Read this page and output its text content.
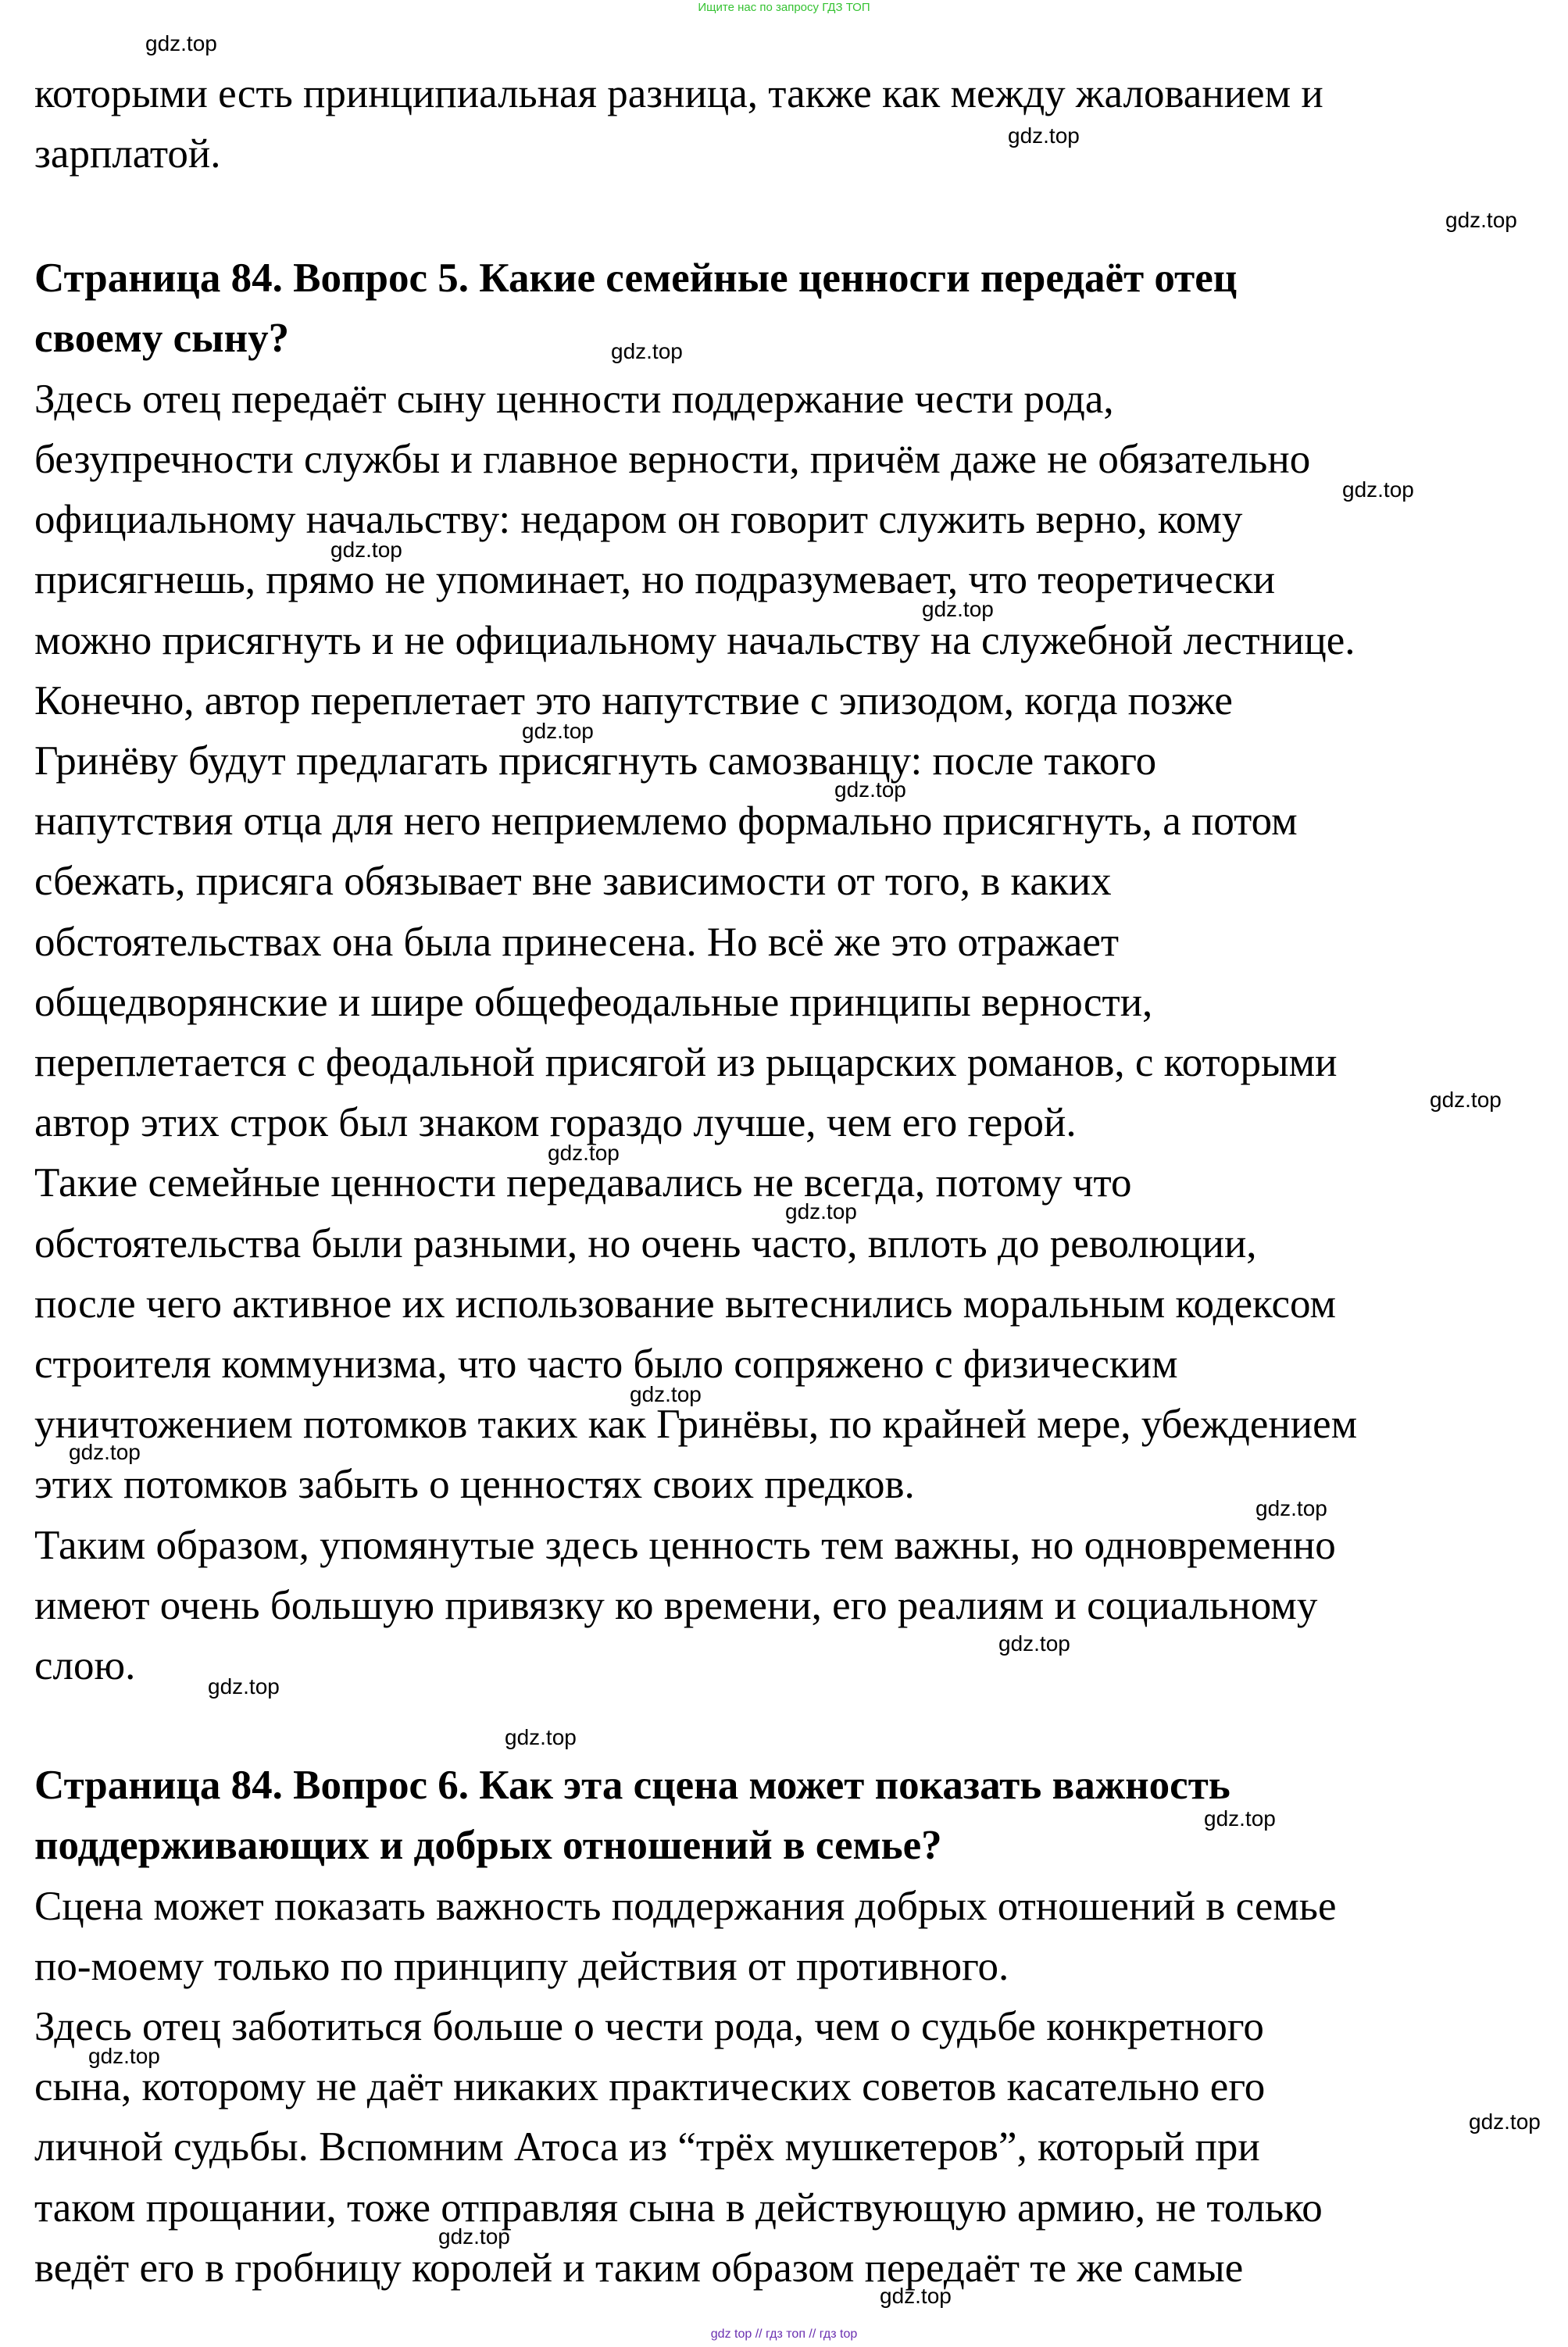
Ищите нас по запросу ГДЗ ТОП
которыми есть принципиальная разница, также как между жалованием и
зарплатой.
Страница 84. Вопрос 5. Какие семейные ценносги передаёт отец
своему сыну?
Здесь отец передаёт сыну ценности поддержание чести рода,
безупречности службы и главное верности, причём даже не обязательно
официальному начальству: недаром он говорит служить верно, кому
присягнешь, прямо не упоминает, но подразумевает, что теоретически
можно присягнуть и не официальному начальству на служебной лестнице.
Конечно, автор переплетает это напутствие с эпизодом, когда позже
Гринёву будут предлагать присягнуть самозванцу: после такого
напутствия отца для него неприемлемо формально присягнуть, а потом
сбежать, присяга обязывает вне зависимости от того, в каких
обстоятельствах она была принесена. Но всё же это отражает
общедворянские и шире общефеодальные принципы верности,
переплетается с феодальной присягой из рыцарских романов, с которыми
автор этих строк был знаком гораздо лучше, чем его герой.
Такие семейные ценности передавались не всегда, потому что
обстоятельства были разными, но очень часто, вплоть до революции,
после чего активное их использование вытеснились моральным кодексом
строителя коммунизма, что часто было сопряжено с физическим
уничтожением потомков таких как Гринёвы, по крайней мере, убеждением
этих потомков забыть о ценностях своих предков.
Таким образом, упомянутые здесь ценность тем важны, но одновременно
имеют очень большую привязку ко времени, его реалиям и социальному
слою.
Страница 84. Вопрос 6. Как эта сцена может показать важность
поддерживающих и добрых отношений в семье?
Сцена может показать важность поддержания добрых отношений в семье
по-моему только по принципу действия от противного.
Здесь отец заботиться больше о чести рода, чем о судьбе конкретного
сына, которому не даёт никаких практических советов касательно его
личной судьбы. Вспомним Атоса из “трёх мушкетеров”, который при
таком прощании, тоже отправляя сына в действующую армию, не только
ведёт его в гробницу королей и таким образом передаёт те же самые
gdz.top
gdz.top
gdz.top
gdz.top
gdz.top
gdz.top
gdz.top
gdz.top
gdz.top
gdz.top
gdz.top
gdz.top
gdz.top
gdz.top
gdz.top
gdz.top
gdz.top
gdz.top
gdz.top
gdz.top
gdz.top
gdz.top
gdz.top
gdz top // гдз топ // гдз top
